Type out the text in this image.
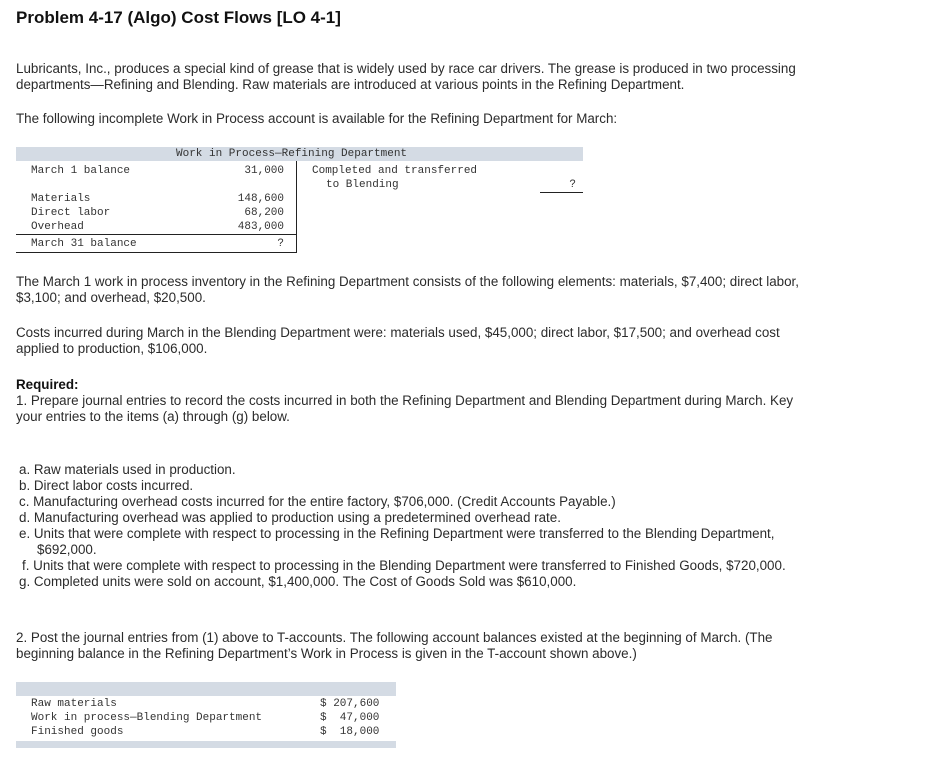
Problem 4-17 (Algo) Cost Flows [LO 4-1]
Lubricants, Inc., produces a special kind of grease that is widely used by race car drivers. The grease is produced in two processing
departments—Refining and Blending. Raw materials are introduced at various points in the Refining Department.
The following incomplete Work in Process account is available for the Refining Department for March:
Work in Process—Refining Department
March 1 balance	31,000
Materials	148,600
Direct labor	68,200
Overhead	483,000
March 31 balance	?
Completed and transferred
to Blending	?
The March 1 work in process inventory in the Refining Department consists of the following elements: materials, $7,400; direct labor,
$3,100; and overhead, $20,500.
Costs incurred during March in the Blending Department were: materials used, $45,000; direct labor, $17,500; and overhead cost
applied to production, $106,000.
Required:
1. Prepare journal entries to record the costs incurred in both the Refining Department and Blending Department during March. Key
your entries to the items (a) through (g) below.
a. Raw materials used in production.
b. Direct labor costs incurred.
c. Manufacturing overhead costs incurred for the entire factory, $706,000. (Credit Accounts Payable.)
d. Manufacturing overhead was applied to production using a predetermined overhead rate.
e. Units that were complete with respect to processing in the Refining Department were transferred to the Blending Department,
$692,000.
f. Units that were complete with respect to processing in the Blending Department were transferred to Finished Goods, $720,000.
g. Completed units were sold on account, $1,400,000. The Cost of Goods Sold was $610,000.
2. Post the journal entries from (1) above to T-accounts. The following account balances existed at the beginning of March. (The
beginning balance in the Refining Department’s Work in Process is given in the T-account shown above.)
Raw materials	$ 207,600
Work in process—Blending Department	$  47,000
Finished goods	$  18,000
